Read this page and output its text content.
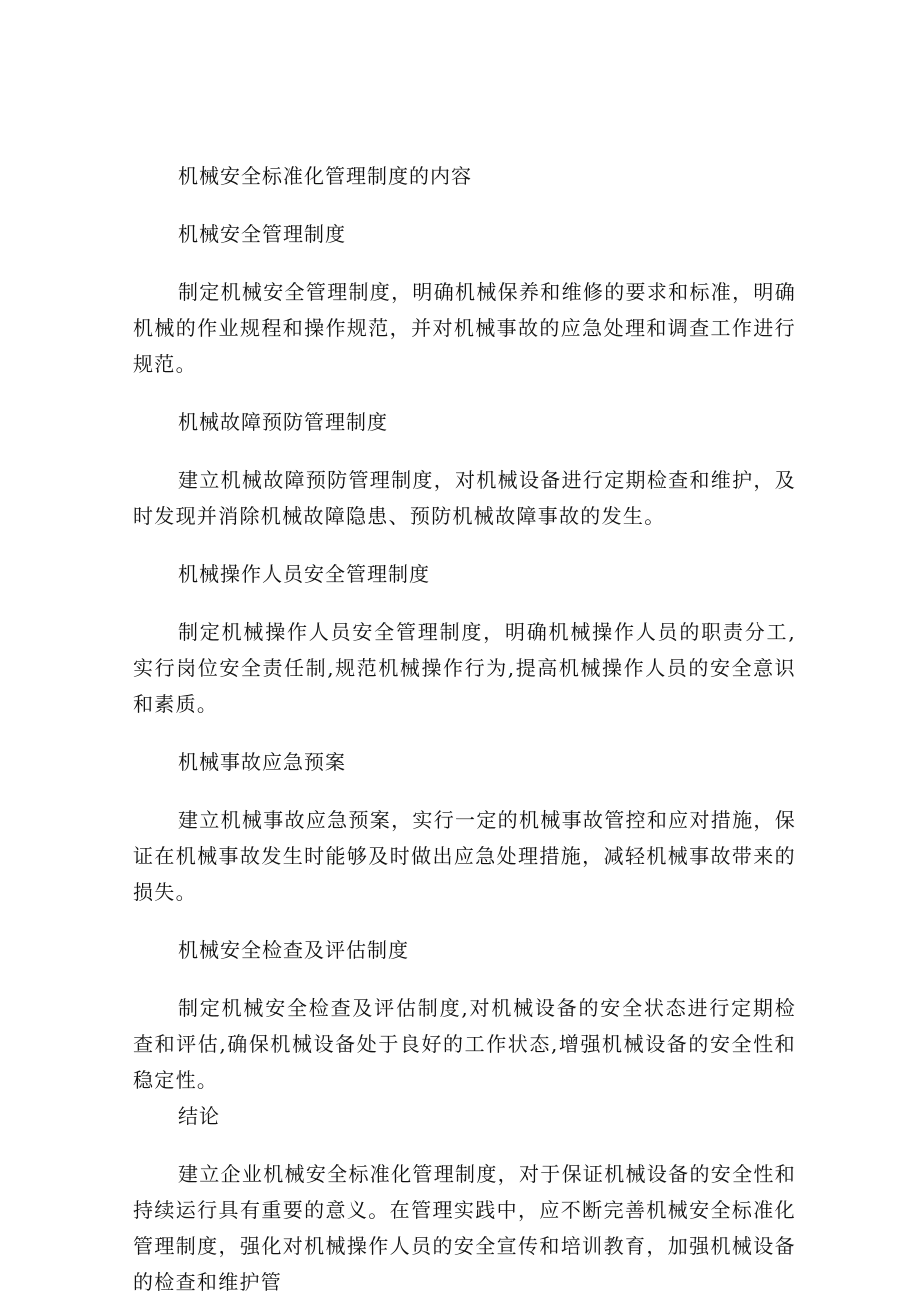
机械安全标准化管理制度的内容

机械安全管理制度

制定机械安全管理制度，明确机械保养和维修的要求和标准，明确机械的作业规程和操作规范，并对机械事故的应急处理和调查工作进行规范。

机械故障预防管理制度

建立机械故障预防管理制度，对机械设备进行定期检查和维护，及时发现并消除机械故障隐患、预防机械故障事故的发生。

机械操作人员安全管理制度

制定机械操作人员安全管理制度，明确机械操作人员的职责分工,实行岗位安全责任制,规范机械操作行为,提高机械操作人员的安全意识和素质。

机械事故应急预案

建立机械事故应急预案，实行一定的机械事故管控和应对措施，保证在机械事故发生时能够及时做出应急处理措施，减轻机械事故带来的损失。

机械安全检查及评估制度

制定机械安全检查及评估制度,对机械设备的安全状态进行定期检查和评估,确保机械设备处于良好的工作状态,增强机械设备的安全性和稳定性。

结论

建立企业机械安全标准化管理制度，对于保证机械设备的安全性和持续运行具有重要的意义。在管理实践中，应不断完善机械安全标准化管理制度，强化对机械操作人员的安全宣传和培训教育，加强机械设备的检查和维护管
